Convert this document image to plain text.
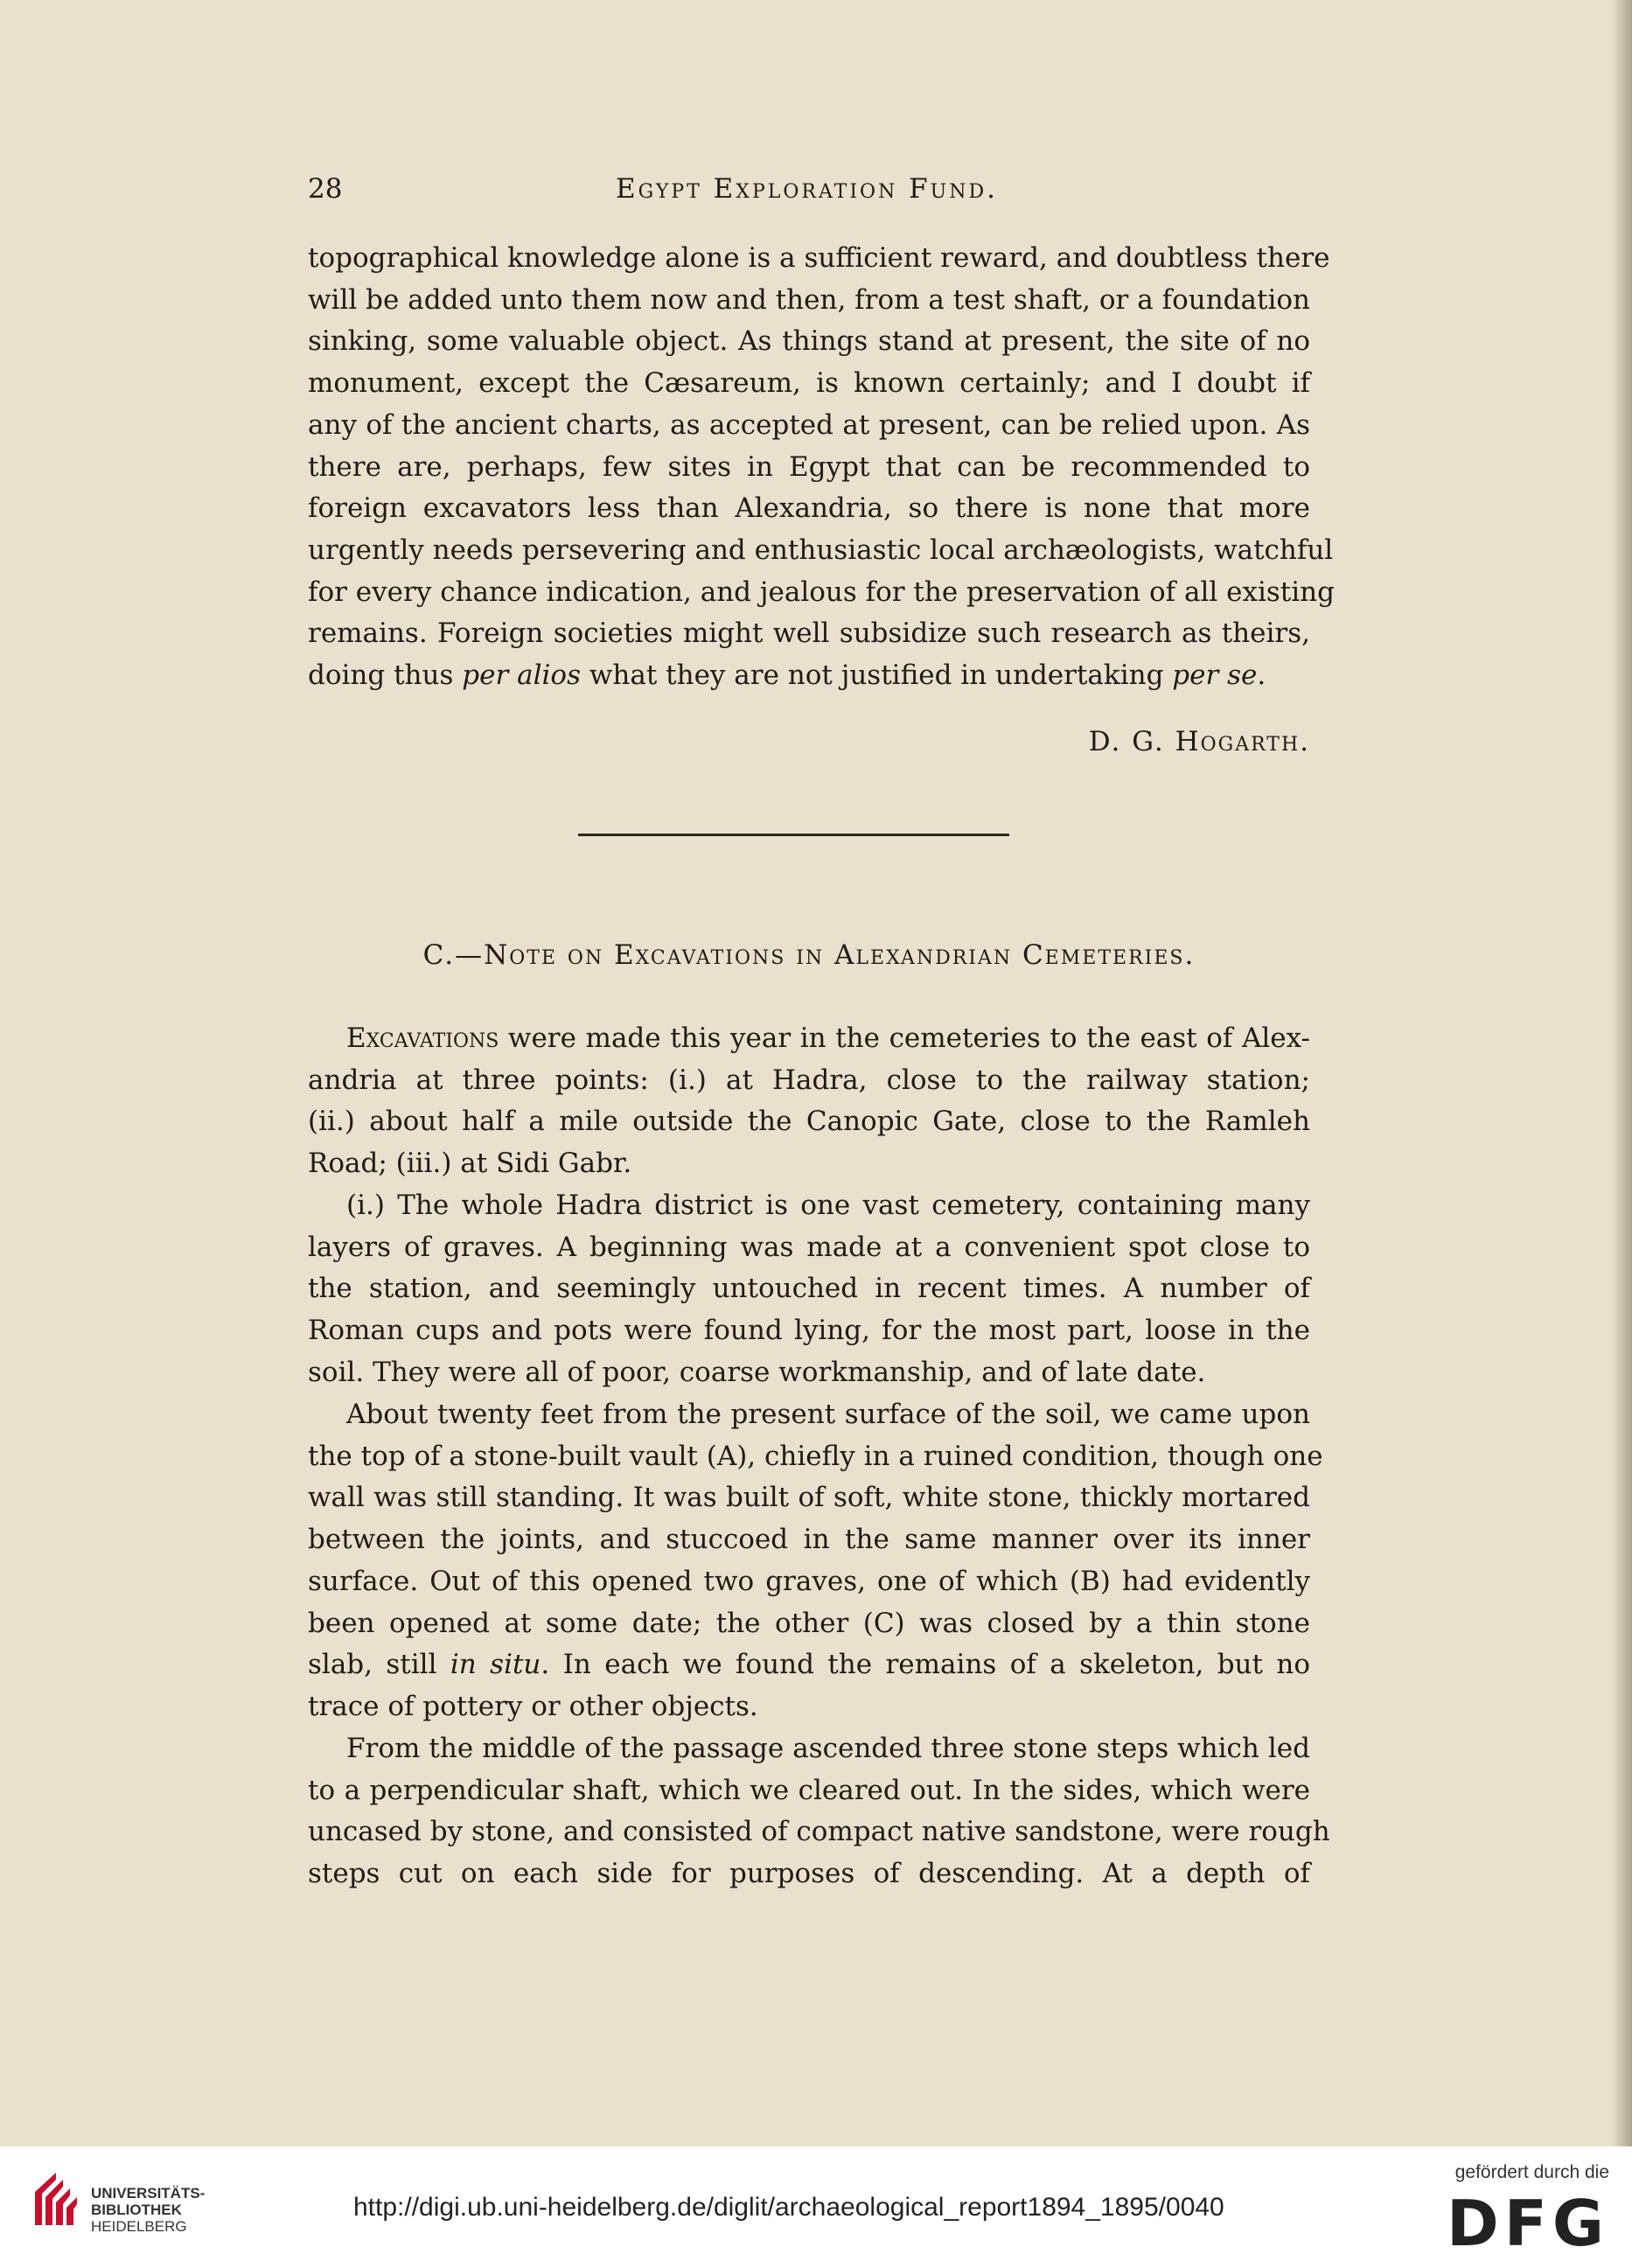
28	Egypt Exploration Fund.
topographical knowledge alone is a sufficient reward, and doubtless there
will be added unto them now and then, from a test shaft, or a foundation
sinking, some valuable object. As things stand at present, the site of no
monument, except the Cæsareum, is known certainly; and I doubt if
any of the ancient charts, as accepted at present, can be relied upon. As
there are, perhaps, few sites in Egypt that can be recommended to
foreign excavators less than Alexandria, so there is none that more
urgently needs persevering and enthusiastic local archæologists, watchful
for every chance indication, and jealous for the preservation of all existing
remains. Foreign societies might well subsidize such research as theirs,
doing thus per alios what they are not justified in undertaking per se.
D. G. Hogarth.
C.—Note on Excavations in Alexandrian Cemeteries.
Excavations were made this year in the cemeteries to the east of Alex-
andria at three points: (i.) at Hadra, close to the railway station;
(ii.) about half a mile outside the Canopic Gate, close to the Ramleh
Road; (iii.) at Sidi Gabr.
(i.) The whole Hadra district is one vast cemetery, containing many
layers of graves. A beginning was made at a convenient spot close to
the station, and seemingly untouched in recent times. A number of
Roman cups and pots were found lying, for the most part, loose in the
soil. They were all of poor, coarse workmanship, and of late date.
About twenty feet from the present surface of the soil, we came upon
the top of a stone-built vault (A), chiefly in a ruined condition, though one
wall was still standing. It was built of soft, white stone, thickly mortared
between the joints, and stuccoed in the same manner over its inner
surface. Out of this opened two graves, one of which (B) had evidently
been opened at some date; the other (C) was closed by a thin stone
slab, still in situ. In each we found the remains of a skeleton, but no
trace of pottery or other objects.
From the middle of the passage ascended three stone steps which led
to a perpendicular shaft, which we cleared out. In the sides, which were
uncased by stone, and consisted of compact native sandstone, were rough
steps cut on each side for purposes of descending. At a depth of
UNIVERSITÄTS-
BIBLIOTHEK
HEIDELBERG
http://digi.ub.uni-heidelberg.de/diglit/archaeological_report1894_1895/0040
gefördert durch die
DFG
